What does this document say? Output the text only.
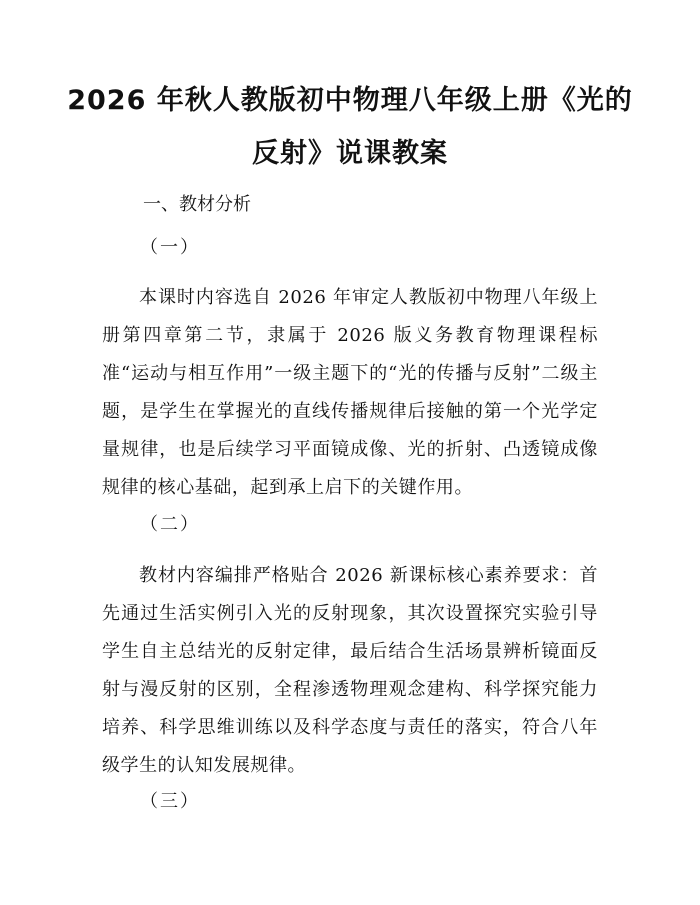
2026 年秋人教版初中物理八年级上册《光的
反射》说课教案
一、教材分析
（一）
本课时内容选自 2026 年审定人教版初中物理八年级上册第四章第二节，隶属于 2026 版义务教育物理课程标准“运动与相互作用”一级主题下的“光的传播与反射”二级主题，是学生在掌握光的直线传播规律后接触的第一个光学定量规律，也是后续学习平面镜成像、光的折射、凸透镜成像规律的核心基础，起到承上启下的关键作用。
（二）
教材内容编排严格贴合 2026 新课标核心素养要求：首先通过生活实例引入光的反射现象，其次设置探究实验引导学生自主总结光的反射定律，最后结合生活场景辨析镜面反射与漫反射的区别，全程渗透物理观念建构、科学探究能力培养、科学思维训练以及科学态度与责任的落实，符合八年级学生的认知发展规律。
（三）
